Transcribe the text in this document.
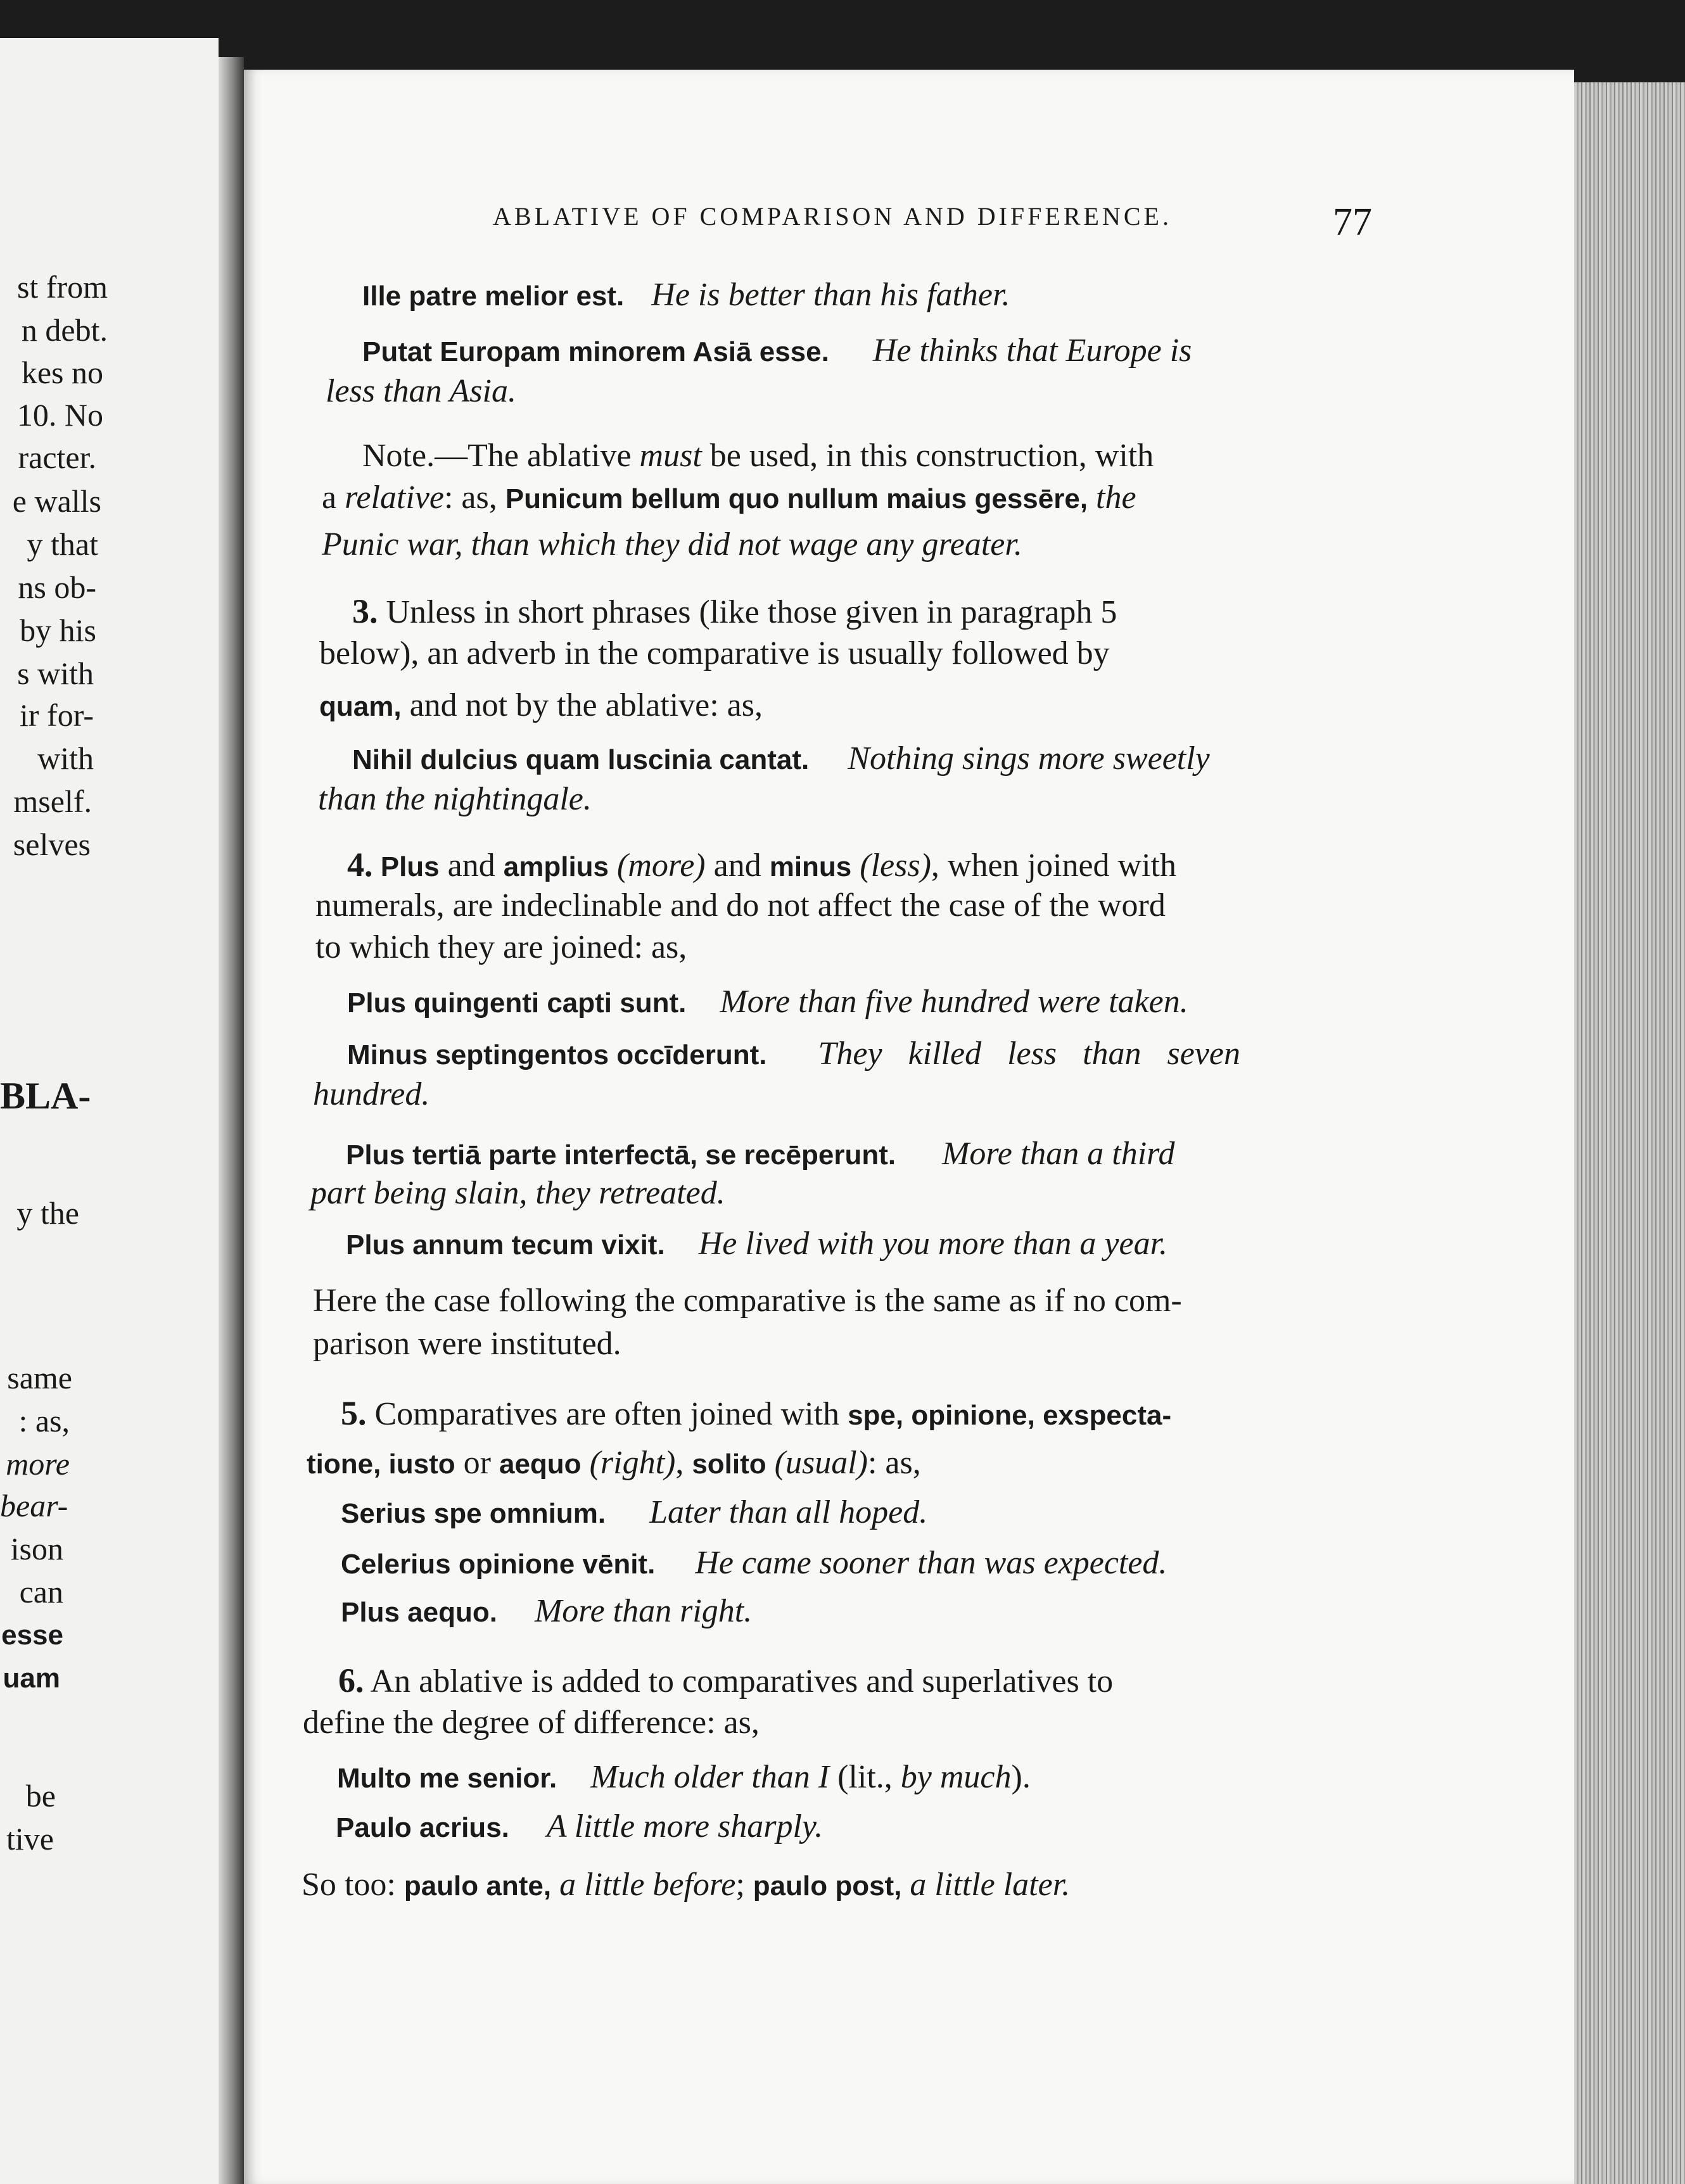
st from
n debt.
kes no
10. No
racter.
e walls
y that
ns ob-
by his
s with
ir for-
with
mself.
selves
BLA-
y the
same
: as,
more
bear-
ison
can
esse
uam
be
tive
ABLATIVE OF COMPARISON AND DIFFERENCE.	77
Ille patre melior est. He is better than his father.
Putat Europam minorem Asiā esse. He thinks that Europe is
less than Asia.
Note.—The ablative must be used, in this construction, with
a relative: as, Punicum bellum quo nullum maius gessēre, the
Punic war, than which they did not wage any greater.
3. Unless in short phrases (like those given in paragraph 5
below), an adverb in the comparative is usually followed by
quam, and not by the ablative: as,
Nihil dulcius quam luscinia cantat. Nothing sings more sweetly
than the nightingale.
4. Plus and amplius (more) and minus (less), when joined with
numerals, are indeclinable and do not affect the case of the word
to which they are joined: as,
Plus quingenti capti sunt. More than five hundred were taken.
Minus septingentos occīderunt. They killed less than seven
hundred.
Plus tertiā parte interfectā, se recēperunt. More than a third
part being slain, they retreated.
Plus annum tecum vixit. He lived with you more than a year.
Here the case following the comparative is the same as if no com-
parison were instituted.
5. Comparatives are often joined with spe, opinione, exspecta-
tione, iusto or aequo (right), solito (usual): as,
Serius spe omnium. Later than all hoped.
Celerius opinione vēnit. He came sooner than was expected.
Plus aequo. More than right.
6. An ablative is added to comparatives and superlatives to
define the degree of difference: as,
Multo me senior. Much older than I (lit., by much).
Paulo acrius. A little more sharply.
So too: paulo ante, a little before; paulo post, a little later.
